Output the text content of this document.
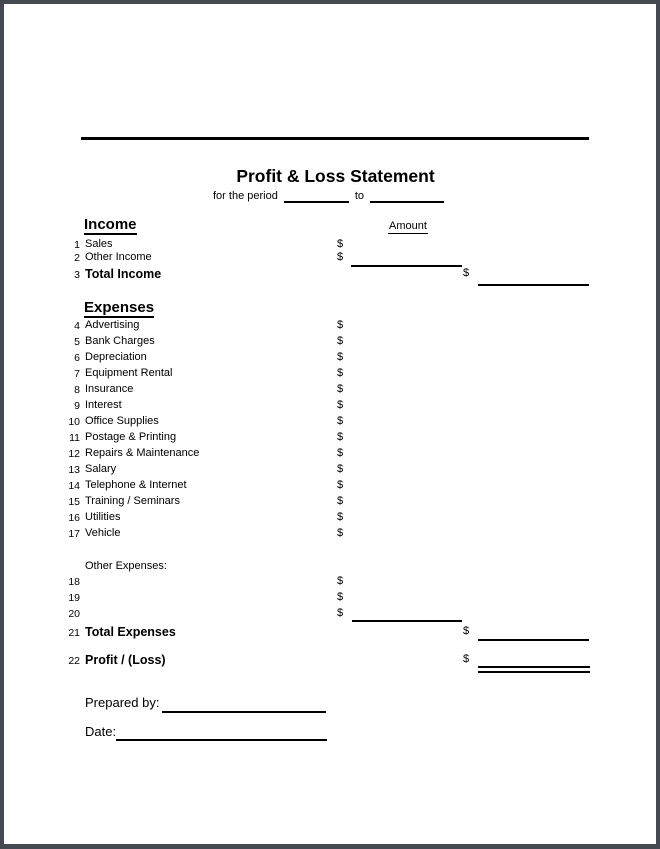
Profit & Loss Statement
for the period	to
Income	Amount
1 Sales	$
2 Other Income	$
3 Total Income	$
Expenses
4 Advertising	$
5 Bank Charges	$
6 Depreciation	$
7 Equipment Rental	$
8 Insurance	$
9 Interest	$
10 Office Supplies	$
11 Postage & Printing	$
12 Repairs & Maintenance	$
13 Salary	$
14 Telephone & Internet	$
15 Training / Seminars	$
16 Utilities	$
17 Vehicle	$
Other Expenses:
18	$
19	$
20	$
21 Total Expenses	$
22 Profit / (Loss)	$
Prepared by:
Date:
